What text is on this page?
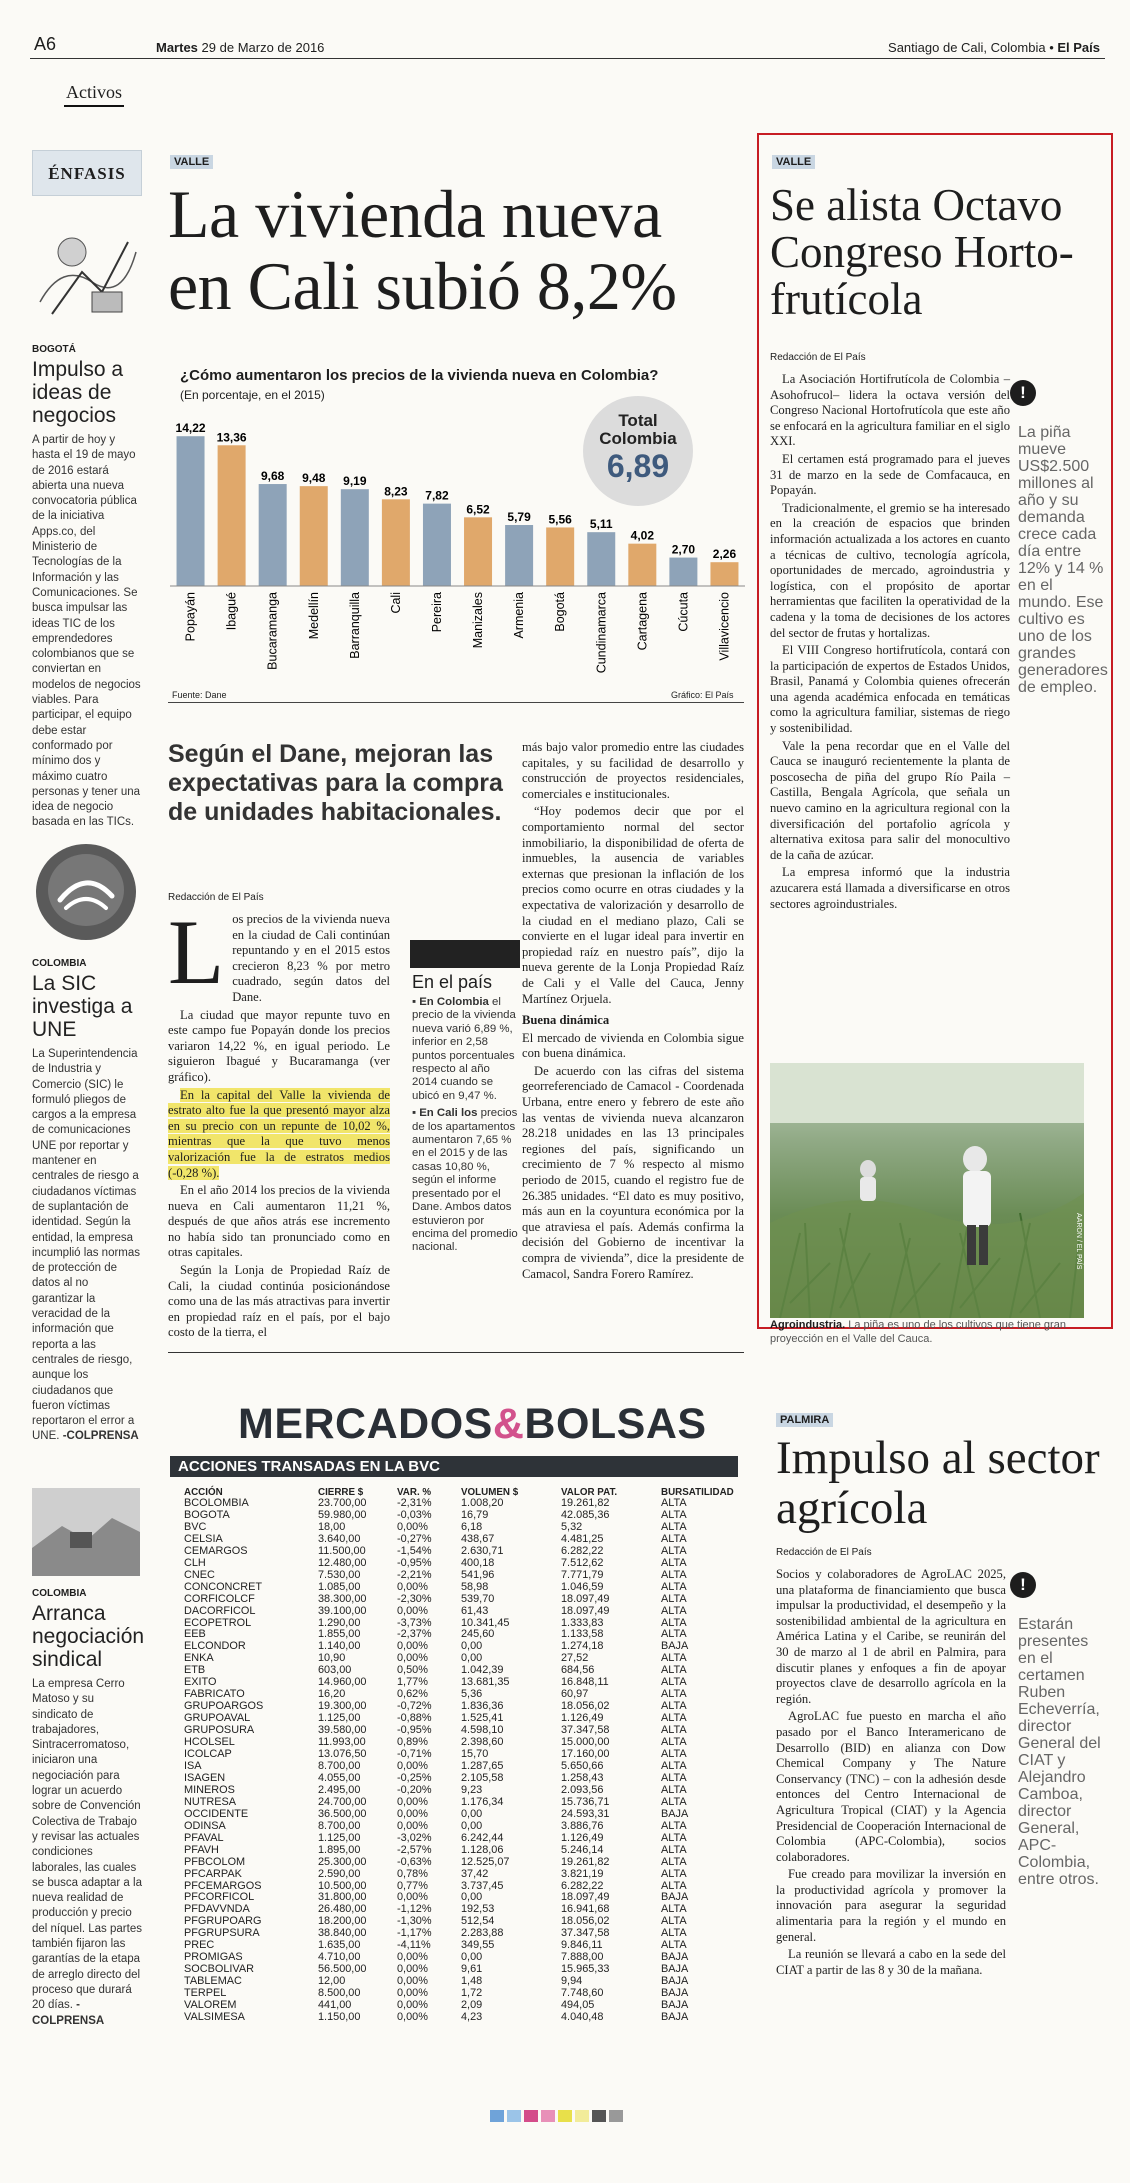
A6	Martes 29 de Marzo de 2016	Santiago de Cali, Colombia • El País
Activos
ÉNFASIS
BOGOTÁ
Impulso a ideas de negocios
A partir de hoy y hasta el 19 de mayo de 2016 estará abierta una nueva convocatoria pública de la iniciativa Apps.co, del Ministerio de Tecnologías de la Información y las Comunicaciones. Se busca impulsar las ideas TIC de los emprendedores colombianos que se conviertan en modelos de negocios viables. Para participar, el equipo debe estar conformado por mínimo dos y máximo cuatro personas y tener una idea de negocio basada en las TICs.
COLOMBIA
La SIC investiga a UNE
La Superintendencia de Industria y Comercio (SIC) le formuló pliegos de cargos a la empresa de comunicaciones UNE por reportar y mantener en centrales de riesgo a ciudadanos víctimas de suplantación de identidad. Según la entidad, la empresa incumplió las normas de protección de datos al no garantizar la veracidad de la información que reporta a las centrales de riesgo, aunque los ciudadanos que fueron víctimas reportaron el error a UNE. -COLPRENSA
COLOMBIA
Arranca negociación sindical
La empresa Cerro Matoso y su sindicato de trabajadores, Sintracerromatoso, iniciaron una negociación para lograr un acuerdo sobre de Convención Colectiva de Trabajo y revisar las actuales condiciones laborales, las cuales se busca adaptar a la nueva realidad de producción y precio del níquel. Las partes también fijaron las garantías de la etapa de arreglo directo del proceso que durará 20 días. -COLPRENSA
VALLE
La vivienda nueva en Cali subió 8,2%
¿Cómo aumentaron los precios de la vivienda nueva en Colombia?
(En porcentaje, en el 2015)
14,22
Popayán
13,36
Ibagué
9,68
Bucaramanga
9,48
Medellín
9,19
Barranquilla
8,23
Cali
7,82
Pereira
6,52
Manizales
5,79
Armenia
5,56
Bogotá
5,11
Cundinamarca
4,02
Cartagena
2,70
Cúcuta
2,26
Villavicencio
Total Colombia
6,89
Fuente: Dane	Gráfico: El País
Según el Dane, mejoran las expectativas para la compra de unidades habitacionales.
Redacción de El País

Los precios de la vivienda nueva en la ciudad de Cali continúan repuntando y en el 2015 estos crecieron 8,23 % por metro cuadrado, según datos del Dane.

La ciudad que mayor repunte tuvo en este campo fue Popayán donde los precios variaron 14,22 %, en igual periodo. Le siguieron Ibagué y Bucaramanga (ver gráfico).

En la capital del Valle la vivienda de estrato alto fue la que presentó mayor alza en su precio con un repunte de 10,02 %, mientras que la que tuvo menos valorización fue la de estratos medios (-0,28 %).

En el año 2014 los precios de la vivienda nueva en Cali aumentaron 11,21 %, después de que años atrás ese incremento no había sido tan pronunciado como en otras capitales.

Según la Lonja de Propiedad Raíz de Cali, la ciudad continúa posicionándose como una de las más atractivas para invertir en propiedad raíz en el país, por el bajo costo de la tierra, el

En el país

▪ En Colombia el precio de la vivienda nueva varió 6,89 %, inferior en 2,58 puntos porcentuales respecto al año 2014 cuando se ubicó en 9,47 %.

▪ En Cali los precios de los apartamentos aumentaron 7,65 % en el 2015 y de las casas 10,80 %, según el informe presentado por el Dane. Ambos datos estuvieron por encima del promedio nacional.

más bajo valor promedio entre las ciudades capitales, y su facilidad de desarrollo y construcción de proyectos residenciales, comerciales e institucionales.

“Hoy podemos decir que por el comportamiento normal del sector inmobiliario, la disponibilidad de oferta de inmuebles, la ausencia de variables externas que presionan la inflación de los precios como ocurre en otras ciudades y la expectativa de valorización y desarrollo de la ciudad en el mediano plazo, Cali se convierte en el lugar ideal para invertir en propiedad raíz en nuestro país”, dijo la nueva gerente de la Lonja Propiedad Raíz de Cali y el Valle del Cauca, Jenny Martínez Orjuela.

Buena dinámica

El mercado de vivienda en Colombia sigue con buena dinámica.

De acuerdo con las cifras del sistema georreferenciado de Camacol - Coordenada Urbana, entre enero y febrero de este año las ventas de vivienda nueva alcanzaron 28.218 unidades en las 13 principales regiones del país, significando un crecimiento de 7 % respecto al mismo periodo de 2015, cuando el registro fue de 26.385 unidades. “El dato es muy positivo, más aun en la coyuntura económica por la que atraviesa el país. Además confirma la decisión del Gobierno de incentivar la compra de vivienda”, dice la presidente de Camacol, Sandra Forero Ramírez.

VALLE
Se alista Octavo Congreso Horto- frutícola
Redacción de El País

La Asociación Hortifrutícola de Colombia –Asohofrucol– lidera la octava versión del Congreso Nacional Hortofrutícola que este año se enfocará en la agricultura familiar en el siglo XXI.

El certamen está programado para el jueves 31 de marzo en la sede de Comfacauca, en Popayán.

Tradicionalmente, el gremio se ha interesado en la creación de espacios que brinden información actualizada a los actores en cuanto a técnicas de cultivo, tecnología agrícola, oportunidades de mercado, agroindustria y logística, con el propósito de aportar herramientas que faciliten la operatividad de la cadena y la toma de decisiones de los actores del sector de frutas y hortalizas.

El VIII Congreso hortifrutícola, contará con la participación de expertos de Estados Unidos, Brasil, Panamá y Colombia quienes ofrecerán una agenda académica enfocada en temáticas como la agricultura familiar, sistemas de riego y sostenibilidad.

Vale la pena recordar que en el Valle del Cauca se inauguró recientemente la planta de poscosecha de piña del grupo Río Paila – Castilla, Bengala Agrícola, que señala un nuevo camino en la agricultura regional con la diversificación del portafolio agrícola y alternativa exitosa para salir del monocultivo de la caña de azúcar.

La empresa informó que la industria azucarera está llamada a diversificarse en otros sectores agroindustriales.

!
La piña mueve US$2.500 millones al año y su demanda crece cada día entre 12% y 14 % en el mundo. Ese cultivo es uno de los grandes generadores de empleo.
AARON / EL PAÍS
Agroindustria. La piña es uno de los cultivos que tiene gran proyección en el Valle del Cauca.
MERCADOS&BOLSAS
ACCIONES TRANSADAS EN LA BVC
ACCIÓN	CIERRE $	VAR. %	VOLUMEN $	VALOR PAT.	BURSATILIDAD
BCOLOMBIA	23.700,00	-2,31%	1.008,20	19.261,82	ALTA
BOGOTA	59.980,00	-0,03%	16,79	42.085,36	ALTA
BVC	18,00	0,00%	6,18	5,32	ALTA
CELSIA	3.640,00	-0,27%	438,67	4.481,25	ALTA
CEMARGOS	11.500,00	-1,54%	2.630,71	6.282,22	ALTA
CLH	12.480,00	-0,95%	400,18	7.512,62	ALTA
CNEC	7.530,00	-2,21%	541,96	7.771,79	ALTA
CONCONCRET	1.085,00	0,00%	58,98	1.046,59	ALTA
CORFICOLCF	38.300,00	-2,30%	539,70	18.097,49	ALTA
DACORFICOL	39.100,00	0,00%	61,43	18.097,49	ALTA
ECOPETROL	1.290,00	-3,73%	10.341,45	1.333,83	ALTA
EEB	1.855,00	-2,37%	245,60	1.133,58	ALTA
ELCONDOR	1.140,00	0,00%	0,00	1.274,18	BAJA
ENKA	10,90	0,00%	0,00	27,52	ALTA
ETB	603,00	0,50%	1.042,39	684,56	ALTA
EXITO	14.960,00	1,77%	13.681,35	16.848,11	ALTA
FABRICATO	16,20	0,62%	5,36	60,97	ALTA
GRUPOARGOS	19.300,00	-0,72%	1.836,36	18.056,02	ALTA
GRUPOAVAL	1.125,00	-0,88%	1.525,41	1.126,49	ALTA
GRUPOSURA	39.580,00	-0,95%	4.598,10	37.347,58	ALTA
HCOLSEL	11.993,00	0,89%	2.398,60	15.000,00	ALTA
ICOLCAP	13.076,50	-0,71%	15,70	17.160,00	ALTA
ISA	8.700,00	0,00%	1.287,65	5.650,66	ALTA
ISAGEN	4.055,00	-0,25%	2.105,58	1.258,43	ALTA
MINEROS	2.495,00	-0,20%	9,23	2.093,56	ALTA
NUTRESA	24.700,00	0,00%	1.176,34	15.736,71	ALTA
OCCIDENTE	36.500,00	0,00%	0,00	24.593,31	BAJA
ODINSA	8.700,00	0,00%	0,00	3.886,76	ALTA
PFAVAL	1.125,00	-3,02%	6.242,44	1.126,49	ALTA
PFAVH	1.895,00	-2,57%	1.128,06	5.246,14	ALTA
PFBCOLOM	25.300,00	-0,63%	12.525,07	19.261,82	ALTA
PFCARPAK	2.590,00	0,78%	37,42	3.821,19	ALTA
PFCEMARGOS	10.500,00	0,77%	3.737,45	6.282,22	ALTA
PFCORFICOL	31.800,00	0,00%	0,00	18.097,49	BAJA
PFDAVVNDA	26.480,00	-1,12%	192,53	16.941,68	ALTA
PFGRUPOARG	18.200,00	-1,30%	512,54	18.056,02	ALTA
PFGRUPSURA	38.840,00	-1,17%	2.283,88	37.347,58	ALTA
PREC	1.635,00	-4,11%	349,55	9.846,11	ALTA
PROMIGAS	4.710,00	0,00%	0,00	7.888,00	BAJA
SOCBOLIVAR	56.500,00	0,00%	9,61	15.965,33	BAJA
TABLEMAC	12,00	0,00%	1,48	9,94	BAJA
TERPEL	8.500,00	0,00%	1,72	7.748,60	BAJA
VALOREM	441,00	0,00%	2,09	494,05	BAJA
VALSIMESA	1.150,00	0,00%	4,23	4.040,48	BAJA
PALMIRA
Impulso al sector agrícola
Redacción de El País

Socios y colaboradores de AgroLAC 2025, una plataforma de financiamiento que busca impulsar la productividad, el desempeño y la sostenibilidad ambiental de la agricultura en América Latina y el Caribe, se reunirán del 30 de marzo al 1 de abril en Palmira, para discutir planes y enfoques a fin de apoyar proyectos clave de desarrollo agrícola en la región.

AgroLAC fue puesto en marcha el año pasado por el Banco Interamericano de Desarrollo (BID) en alianza con Dow Chemical Company y The Nature Conservancy (TNC) – con la adhesión desde entonces del Centro Internacional de Agricultura Tropical (CIAT) y la Agencia Presidencial de Cooperación Internacional de Colombia (APC-Colombia), socios colaboradores.

Fue creado para movilizar la inversión en la productividad agrícola y promover la innovación para asegurar la seguridad alimentaria para la región y el mundo en general.

La reunión se llevará a cabo en la sede del CIAT a partir de las 8 y 30 de la mañana.

!
Estarán presentes en el certamen Ruben Echeverría, director General del CIAT y Alejandro Camboa, director General, APC-Colombia, entre otros.
